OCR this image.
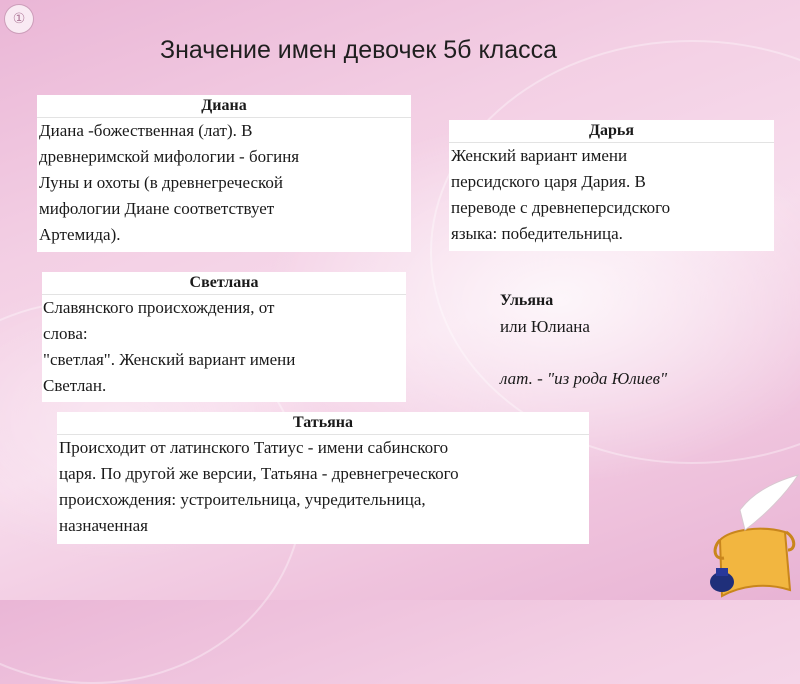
①
Значение имен девочек 5б класса
Диана
Диана -божественная (лат). В
древнеримской мифологии - богиня
Луны и охоты (в древнегреческой
мифологии Диане соответствует
Артемида).
Дарья
Женский вариант имени
персидского царя Дария. В
переводе с древнеперсидского
языка: победительница.
Светлана
Славянского происхождения, от
слова:
"светлая". Женский вариант имени
Светлан.
Татьяна
Происходит от латинского Татиус - имени сабинского
царя. По другой же версии, Татьяна - древнегреческого
происхождения: устроительница, учредительница,
назначенная
Ульяна
или Юлиана
лат. - "из рода Юлиев"
